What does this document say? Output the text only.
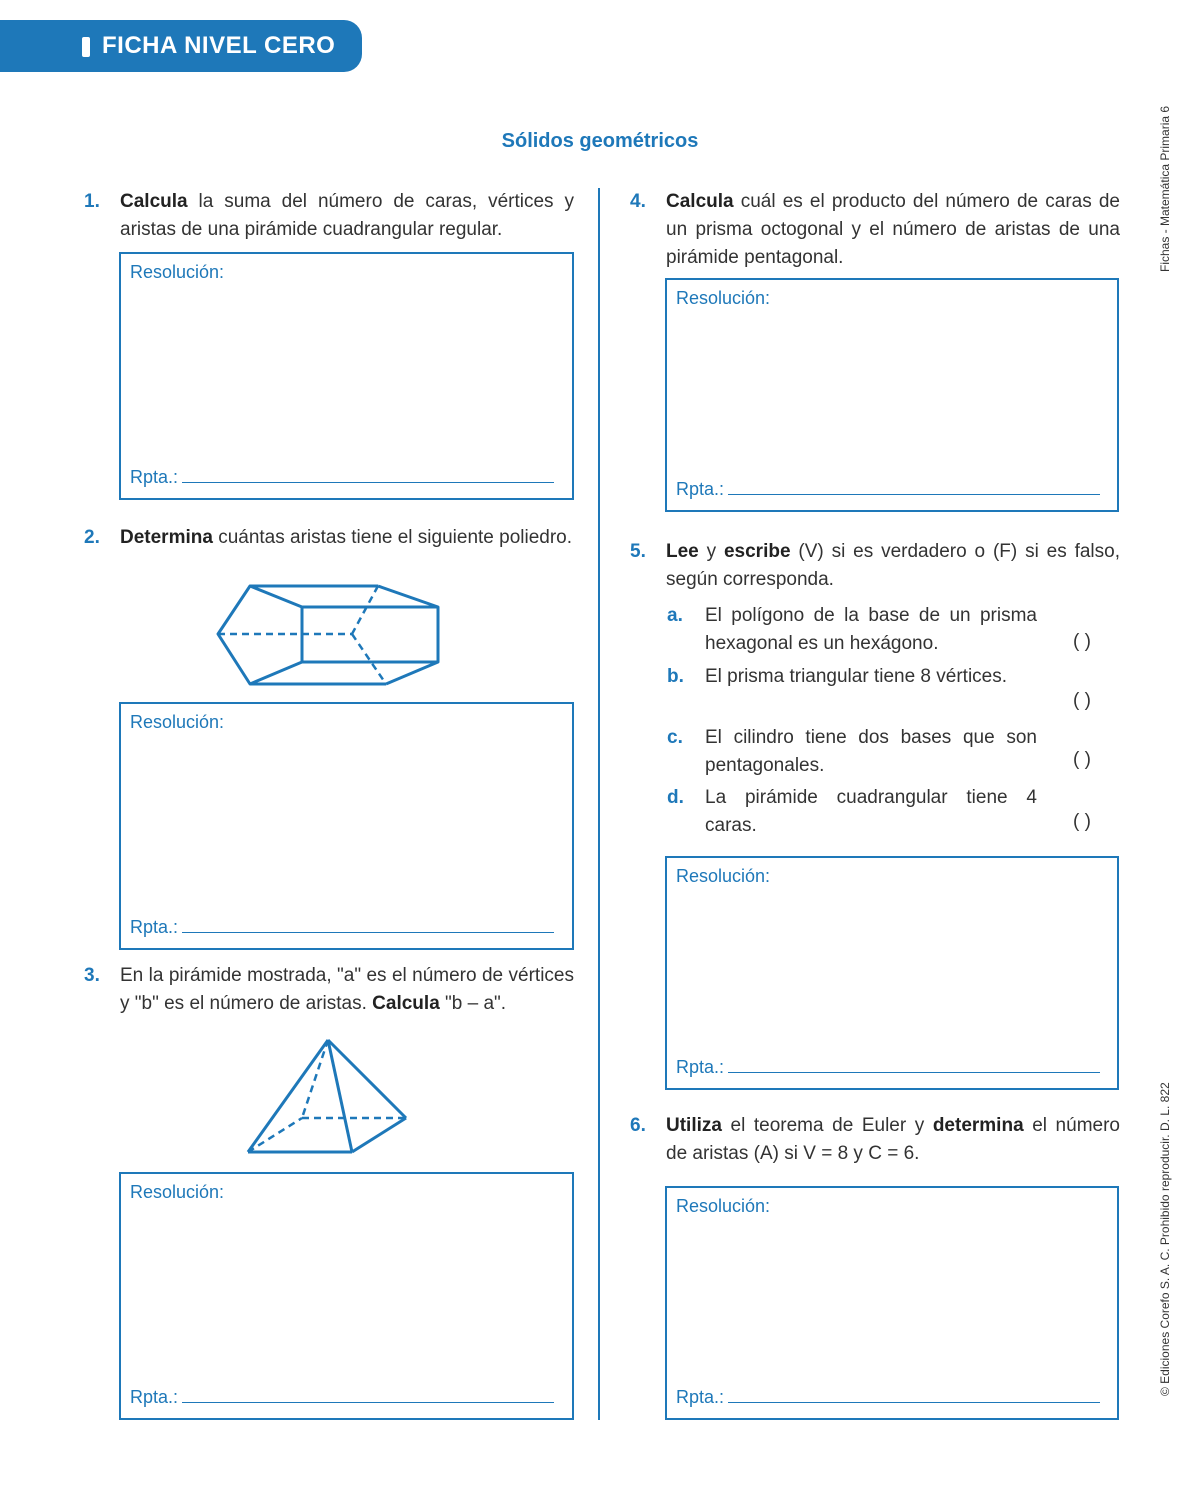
FICHA NIVEL CERO
Sólidos geométricos	Fichas - Matemática Primaria 6
© Ediciones Corefo S. A. C. Prohibido reproducir. D. L. 822
1.	Calcula la suma del número de caras, vértices y aristas de una pirámide cuadrangular regular.
Resolución:
Rpta.:
2.	Determina cuántas aristas tiene el siguiente poliedro.
Resolución:
Rpta.:
3.	En la pirámide mostrada, "a" es el número de vértices y "b" es el número de aristas. Calcula "b – a".
Resolución:
Rpta.:
4.	Calcula cuál es el producto del número de caras de un prisma octogonal y el número de aristas de una pirámide pentagonal.
Resolución:
Rpta.:
5.	Lee y escribe (V) si es verdadero o (F) si es falso, según corresponda.
a. El polígono de la base de un prisma hexagonal es un hexágono.	( )
b. El prisma triangular tiene 8 vértices.
( )
c. El cilindro tiene dos bases que son pentagonales.	( )
d. La pirámide cuadrangular tiene 4 caras.	( )
Resolución:
Rpta.:
6.	Utiliza el teorema de Euler y determina el número de aristas (A) si V = 8 y C = 6.
Resolución:
Rpta.:
